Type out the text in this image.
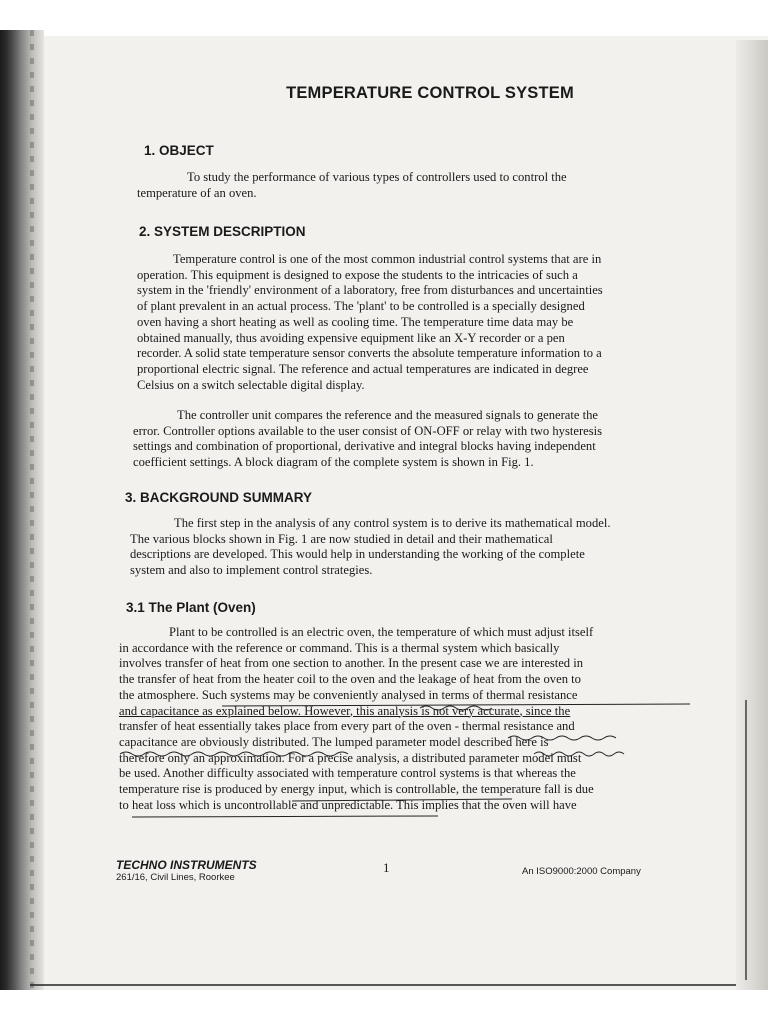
TEMPERATURE CONTROL SYSTEM
1. OBJECT
To study the performance of various types of controllers used to control the
temperature of an oven.
2. SYSTEM DESCRIPTION
Temperature control is one of the most common industrial control systems that are in
operation. This equipment is designed to expose the students to the intricacies of such a
system in the 'friendly' environment of a laboratory, free from disturbances and uncertainties
of plant prevalent in an actual process. The 'plant' to be controlled is a specially designed
oven having a short heating as well as cooling time. The temperature time data may be
obtained manually, thus avoiding expensive equipment like an X-Y recorder or a pen
recorder. A solid state temperature sensor converts the absolute temperature information to a
proportional electric signal. The reference and actual temperatures are indicated in degree
Celsius on a switch selectable digital display.
The controller unit compares the reference and the measured signals to generate the
error. Controller options available to the user consist of ON-OFF or relay with two hysteresis
settings and combination of proportional, derivative and integral blocks having independent
coefficient settings. A block diagram of the complete system is shown in Fig. 1.
3. BACKGROUND SUMMARY
The first step in the analysis of any control system is to derive its mathematical model.
The various blocks shown in Fig. 1 are now studied in detail and their mathematical
descriptions are developed. This would help in understanding the working of the complete
system and also to implement control strategies.
3.1 The Plant (Oven)
Plant to be controlled is an electric oven, the temperature of which must adjust itself
in accordance with the reference or command. This is a thermal system which basically
involves transfer of heat from one section to another. In the present case we are interested in
the transfer of heat from the heater coil to the oven and the leakage of heat from the oven to
the atmosphere. Such systems may be conveniently analysed in terms of thermal resistance
and capacitance as explained below. However, this analysis is not very accurate, since the
transfer of heat essentially takes place from every part of the oven - thermal resistance and
capacitance are obviously distributed. The lumped parameter model described here is
therefore only an approximation. For a precise analysis, a distributed parameter model must
be used. Another difficulty associated with temperature control systems is that whereas the
temperature rise is produced by energy input, which is controllable, the temperature fall is due
to heat loss which is uncontrollable and unpredictable. This implies that the oven will have
TECHNO INSTRUMENTS
261/16, Civil Lines, Roorkee
1	An ISO9000:2000 Company
